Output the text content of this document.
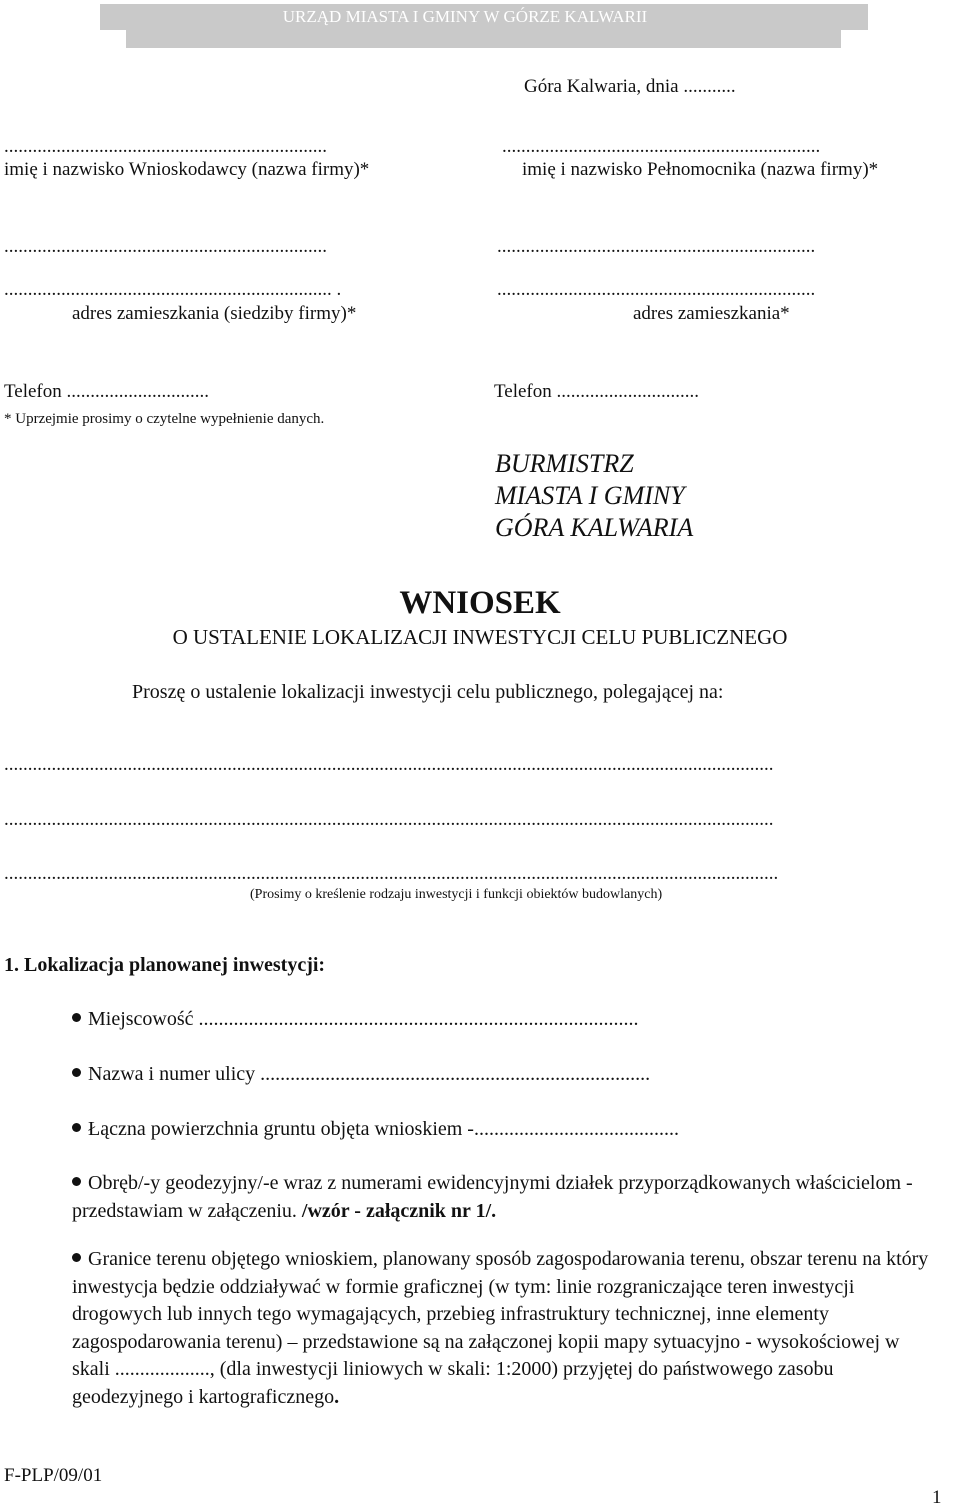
URZĄD MIASTA I GMINY W GÓRZE KALWARII
Góra Kalwaria, dnia ...........
....................................................................
imię i nazwisko Wnioskodawcy (nazwa firmy)*
....................................................................
..................................................................... .
adres zamieszkania (siedziby firmy)*
Telefon ..............................
* Uprzejmie prosimy o czytelne wypełnienie danych.
...................................................................
imię i nazwisko Pełnomocnika (nazwa firmy)*
...................................................................
...................................................................
adres zamieszkania*
Telefon ..............................
BURMISTRZ
MIASTA I GMINY
GÓRA KALWARIA
WNIOSEK
O USTALENIE LOKALIZACJI INWESTYCJI CELU PUBLICZNEGO
Proszę o ustalenie lokalizacji inwestycji celu publicznego, polegającej na:
..................................................................................................................................................................
..................................................................................................................................................................
...................................................................................................................................................................
(Prosimy o kreślenie rodzaju inwestycji i funkcji obiektów budowlanych)
1. Lokalizacja planowanej inwestycji:
Miejscowość ........................................................................................
Nazwa i numer ulicy ..............................................................................
Łączna powierzchnia gruntu objęta wnioskiem -.........................................
Obręb/-y geodezyjny/-e wraz z numerami ewidencyjnymi działek przyporządkowanych właścicielom - przedstawiam w załączeniu. /wzór - załącznik nr 1/.
Granice terenu objętego wnioskiem, planowany sposób zagospodarowania terenu, obszar terenu na który inwestycja będzie oddziaływać w formie graficznej (w tym: linie rozgraniczające teren inwestycji drogowych lub innych tego wymagających, przebieg infrastruktury technicznej, inne elementy zagospodarowania terenu) – przedstawione są na załączonej kopii mapy sytuacyjno - wysokościowej w skali ..................., (dla inwestycji liniowych w skali: 1:2000) przyjętej do państwowego zasobu geodezyjnego i kartograficznego.
F-PLP/09/01
1
